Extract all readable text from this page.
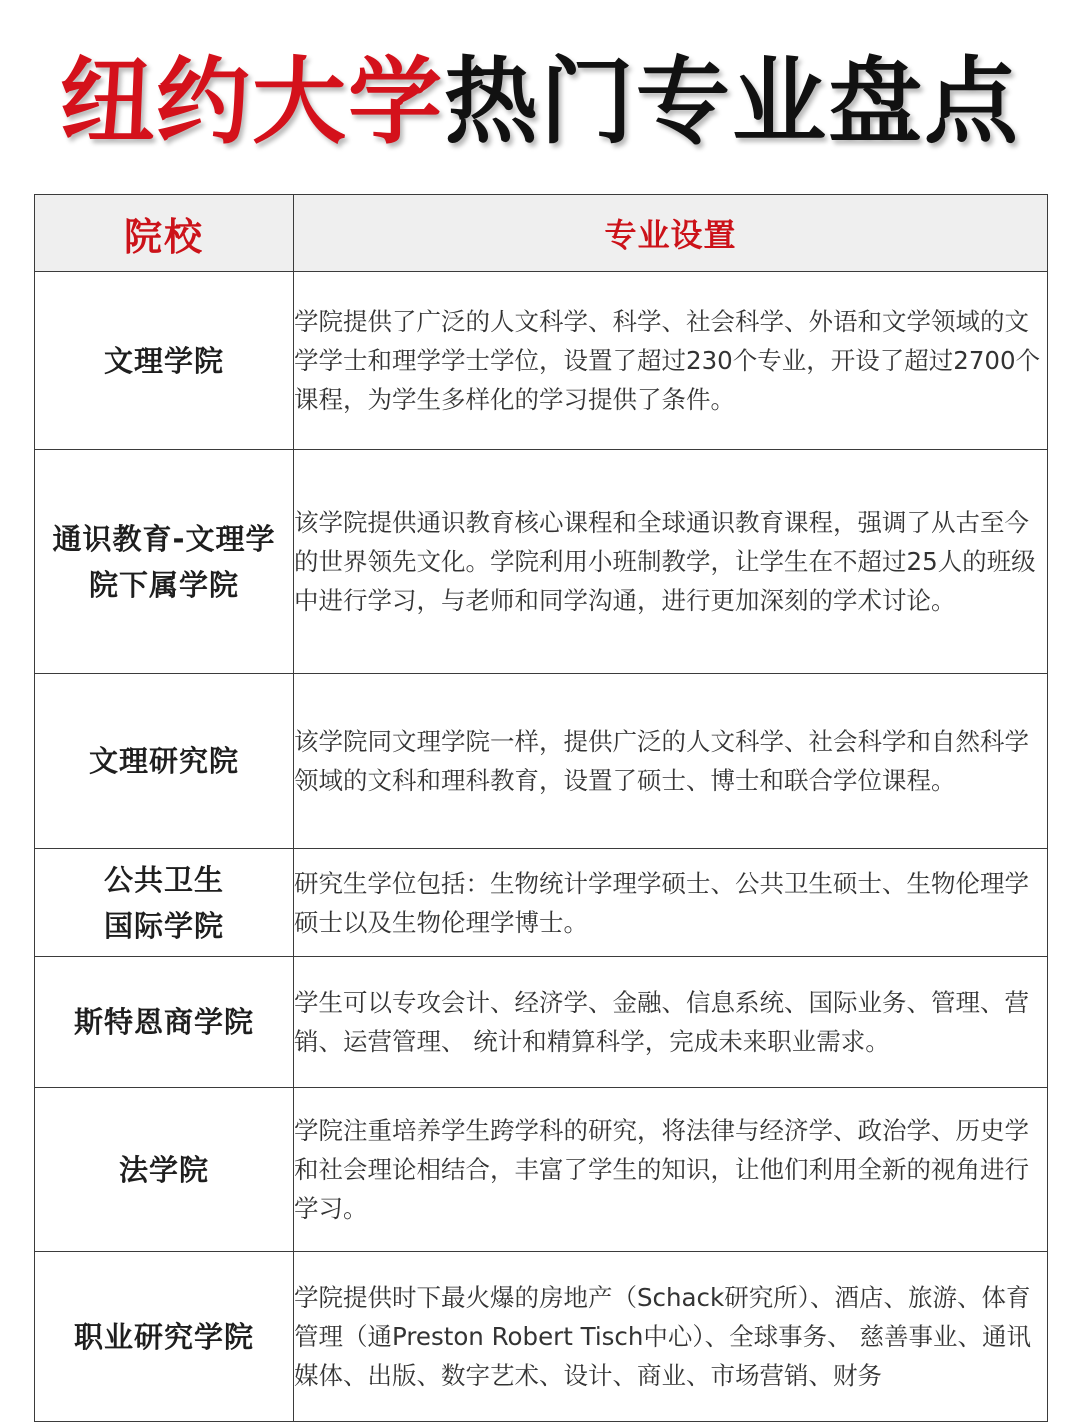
纽约大学热门专业盘点
院校	专业设置
文理学院	学院提供了广泛的人文科学、科学、社会科学、外语和文学领域的文学学士和理学学士学位，设置了超过230个专业，开设了超过2700个课程，为学生多样化的学习提供了条件。
通识教育-文理学
院下属学院	该学院提供通识教育核心课程和全球通识教育课程，强调了从古至今的世界领先文化。学院利用小班制教学，让学生在不超过25人的班级中进行学习，与老师和同学沟通，进行更加深刻的学术讨论。
文理研究院	该学院同文理学院一样，提供广泛的人文科学、社会科学和自然科学领域的文科和理科教育，设置了硕士、博士和联合学位课程。
公共卫生
国际学院	研究生学位包括：生物统计学理学硕士、公共卫生硕士、生物伦理学硕士以及生物伦理学博士。
斯特恩商学院	学生可以专攻会计、经济学、金融、信息系统、国际业务、管理、营销、运营管理、 统计和精算科学，完成未来职业需求。
法学院	学院注重培养学生跨学科的研究，将法律与经济学、政治学、历史学和社会理论相结合，丰富了学生的知识，让他们利用全新的视角进行学习。
职业研究学院	学院提供时下最火爆的房地产（Schack研究所）、酒店、旅游、体育管理（通Preston Robert Tisch中心）、全球事务、 慈善事业、通讯媒体、出版、数字艺术、设计、商业、市场营销、财务
